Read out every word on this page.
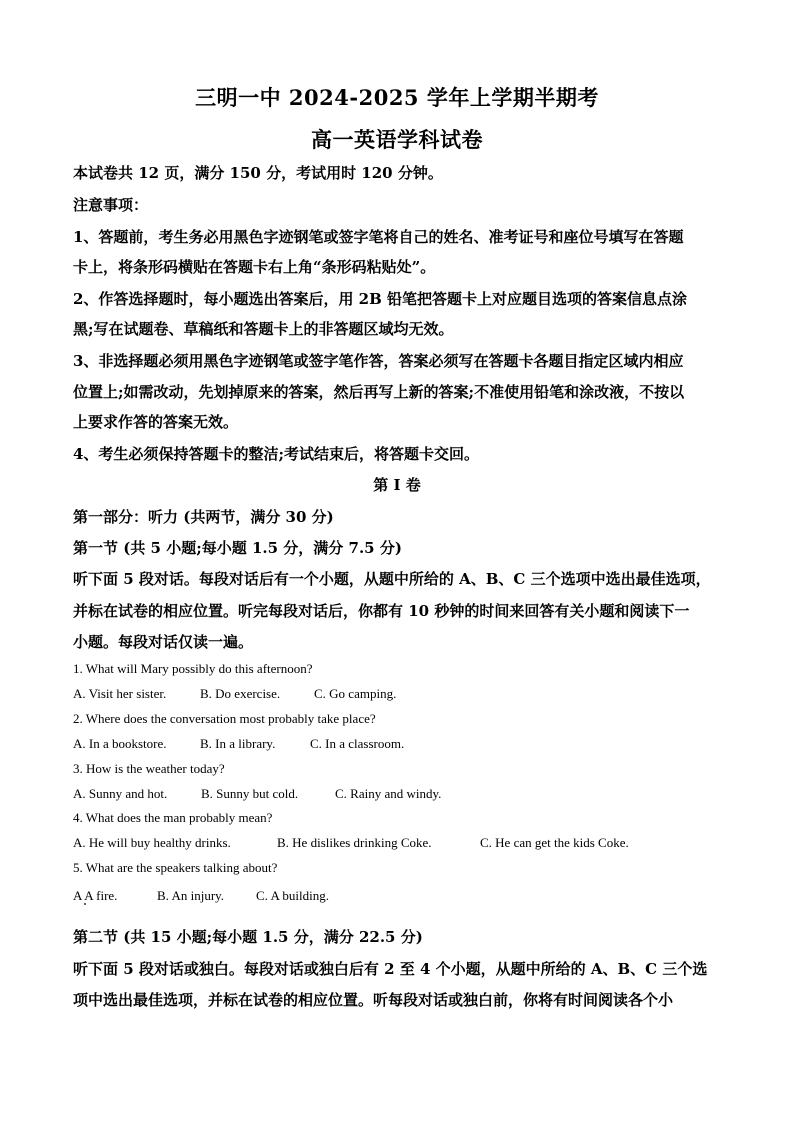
三明一中 2024-2025 学年上学期半期考
高一英语学科试卷
本试卷共 12 页，满分 150 分，考试用时 120 分钟。
注意事项：
1、答题前，考生务必用黑色字迹钢笔或签字笔将自己的姓名、准考证号和座位号填写在答题
卡上，将条形码横贴在答题卡右上角“条形码粘贴处”。
2、作答选择题时，每小题选出答案后，用 2B 铅笔把答题卡上对应题目选项的答案信息点涂
黑;写在试题卷、草稿纸和答题卡上的非答题区域均无效。
3、非选择题必须用黑色字迹钢笔或签字笔作答，答案必须写在答题卡各题目指定区域内相应
位置上;如需改动，先划掉原来的答案，然后再写上新的答案;不准使用铅笔和涂改液，不按以
上要求作答的答案无效。
4、考生必须保持答题卡的整洁;考试结束后，将答题卡交回。
第 I 卷
第一部分：听力 (共两节，满分 30 分)
第一节 (共 5 小题;每小题 1.5 分，满分 7.5 分)
听下面 5 段对话。每段对话后有一个小题，从题中所给的 A、B、C 三个选项中选出最佳选项，
并标在试卷的相应位置。听完每段对话后，你都有 10 秒钟的时间来回答有关小题和阅读下一
小题。每段对话仅读一遍。
1. What will Mary possibly do this afternoon?
A. Visit her sister.	B. Do exercise.	C. Go camping.
2. Where does the conversation most probably take place?
A. In a bookstore.	B. In a library.	C. In a classroom.
3. How is the weather today?
A. Sunny and hot.	B. Sunny but cold.	C. Rainy and windy.
4. What does the man probably mean?
A. He will buy healthy drinks.	B. He dislikes drinking Coke.	C. He can get the kids Coke.
5. What are the speakers talking about?
A A fire.	B. An injury. C. A building.
第二节 (共 15 小题;每小题 1.5 分，满分 22.5 分)
听下面 5 段对话或独白。每段对话或独白后有 2 至 4 个小题，从题中所给的 A、B、C 三个选
项中选出最佳选项，并标在试卷的相应位置。听每段对话或独白前，你将有时间阅读各个小
